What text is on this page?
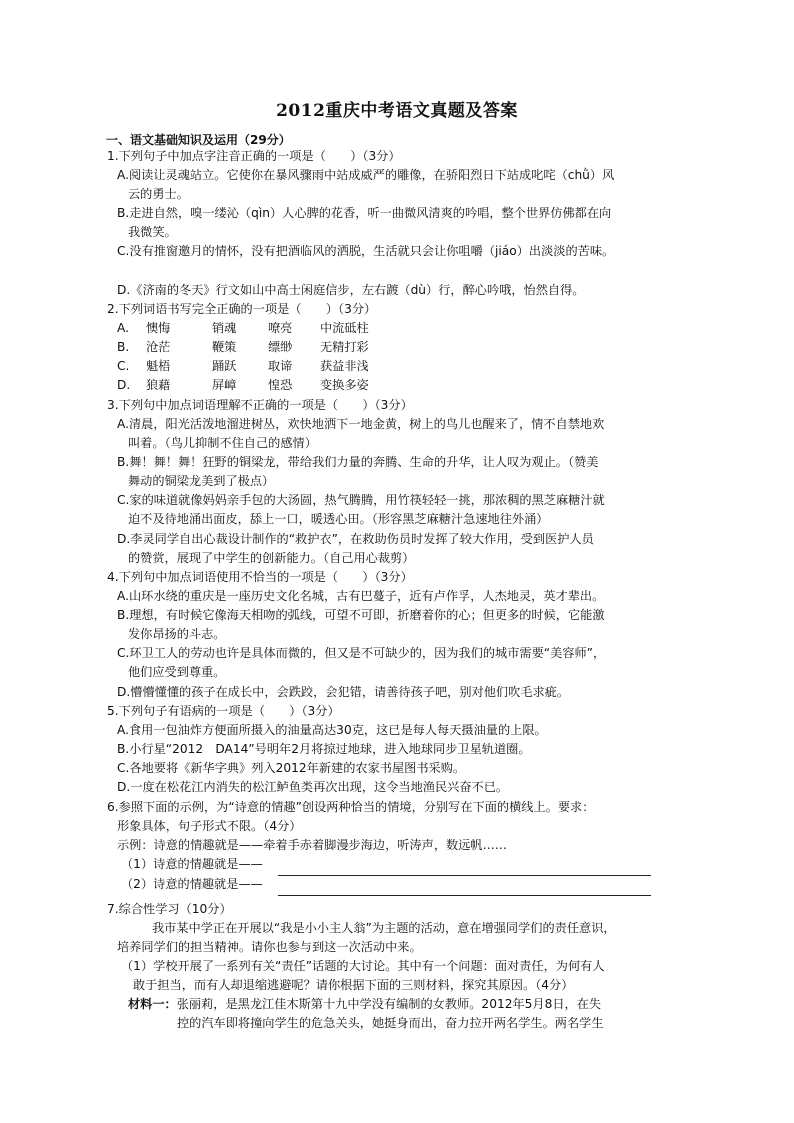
2012重庆中考语文真题及答案
一、语文基础知识及运用（29分）
1.下列句子中加点字注音正确的一项是（　　）（3分）
A.阅读让灵魂站立。它使你在暴风骤雨中站成威严的雕像，在骄阳烈日下站成叱咤（chǜ）风
云的勇士。
B.走进自然，嗅一缕沁（qìn）人心脾的花香，听一曲微风清爽的吟唱，整个世界仿佛都在向
我微笑。
C.没有推窗邀月的情怀，没有把酒临风的洒脱，生活就只会让你咀嚼（jiáo）出淡淡的苦味。
D.《济南的冬天》行文如山中高士闲庭信步，左右踱（dù）行，醉心吟哦，怡然自得。
2.下列词语书写完全正确的一项是（　　）（3分）
A. 懊悔	销魂	嘹亮 中流砥柱
B. 沧茫	鞭策	缥缈 无精打彩
C. 魁梧	踊跃	取谛 获益非浅
D. 狼藉	屏嶂	惶恐 变换多姿
3.下列句中加点词语理解不正确的一项是（　　）（3分）
A.清晨，阳光活泼地溜进树丛，欢快地洒下一地金黄，树上的鸟儿也醒来了，情不自禁地欢
叫着。（鸟儿抑制不住自己的感情）
B.舞！舞！舞！狂野的铜梁龙，带给我们力量的奔腾、生命的升华，让人叹为观止。（赞美
舞动的铜梁龙美到了极点）
C.家的味道就像妈妈亲手包的大汤圆，热气腾腾，用竹筷轻轻一挑，那浓稠的黑芝麻糖汁就
迫不及待地涌出面皮，舔上一口，暖透心田。（形容黑芝麻糖汁急速地往外涌）
D.李灵同学自出心裁设计制作的“救护衣”，在救助伤员时发挥了较大作用，受到医护人员
的赞赏，展现了中学生的创新能力。（自己用心裁剪）
4.下列句中加点词语使用不恰当的一项是（　　）（3分）
A.山环水绕的重庆是一座历史文化名城，古有巴蔓子，近有卢作孚，人杰地灵，英才辈出。
B.理想，有时候它像海天相吻的弧线，可望不可即，折磨着你的心；但更多的时候，它能激
发你昂扬的斗志。
C.环卫工人的劳动也许是具体而微的，但又是不可缺少的，因为我们的城市需要“美容师”，
他们应受到尊重。
D.懵懵懂懂的孩子在成长中，会跌跤，会犯错，请善待孩子吧，别对他们吹毛求疵。
5.下列句子有语病的一项是（　　）（3分）
A.食用一包油炸方便面所摄入的油量高达30克，这已是每人每天摄油量的上限。
B.小行星“2012　DA14”号明年2月将掠过地球，进入地球同步卫星轨道圈。
C.各地要将《新华字典》列入2012年新建的农家书屋图书采购。
D.一度在松花江内消失的松江鲈鱼类再次出现，这令当地渔民兴奋不已。
6.参照下面的示例，为“诗意的情趣”创设两种恰当的情境，分别写在下面的横线上。要求：
形象具体，句子形式不限。（4分）
示例：诗意的情趣就是——牵着手赤着脚漫步海边，听涛声，数远帆……
（1）诗意的情趣就是——
（2）诗意的情趣就是——
7.综合性学习（10分）
我市某中学正在开展以“我是小小主人翁”为主题的活动，意在增强同学们的责任意识，
培养同学们的担当精神。请你也参与到这一次活动中来。
（1）学校开展了一系列有关“责任”话题的大讨论。其中有一个问题：面对责任，为何有人
敢于担当，而有人却退缩逃避呢？请你根据下面的三则材料，探究其原因。（4分）
材料一：张丽莉，是黑龙江佳木斯第十九中学没有编制的女教师。2012年5月8日，在失
控的汽车即将撞向学生的危急关头，她挺身而出，奋力拉开两名学生。两名学生
